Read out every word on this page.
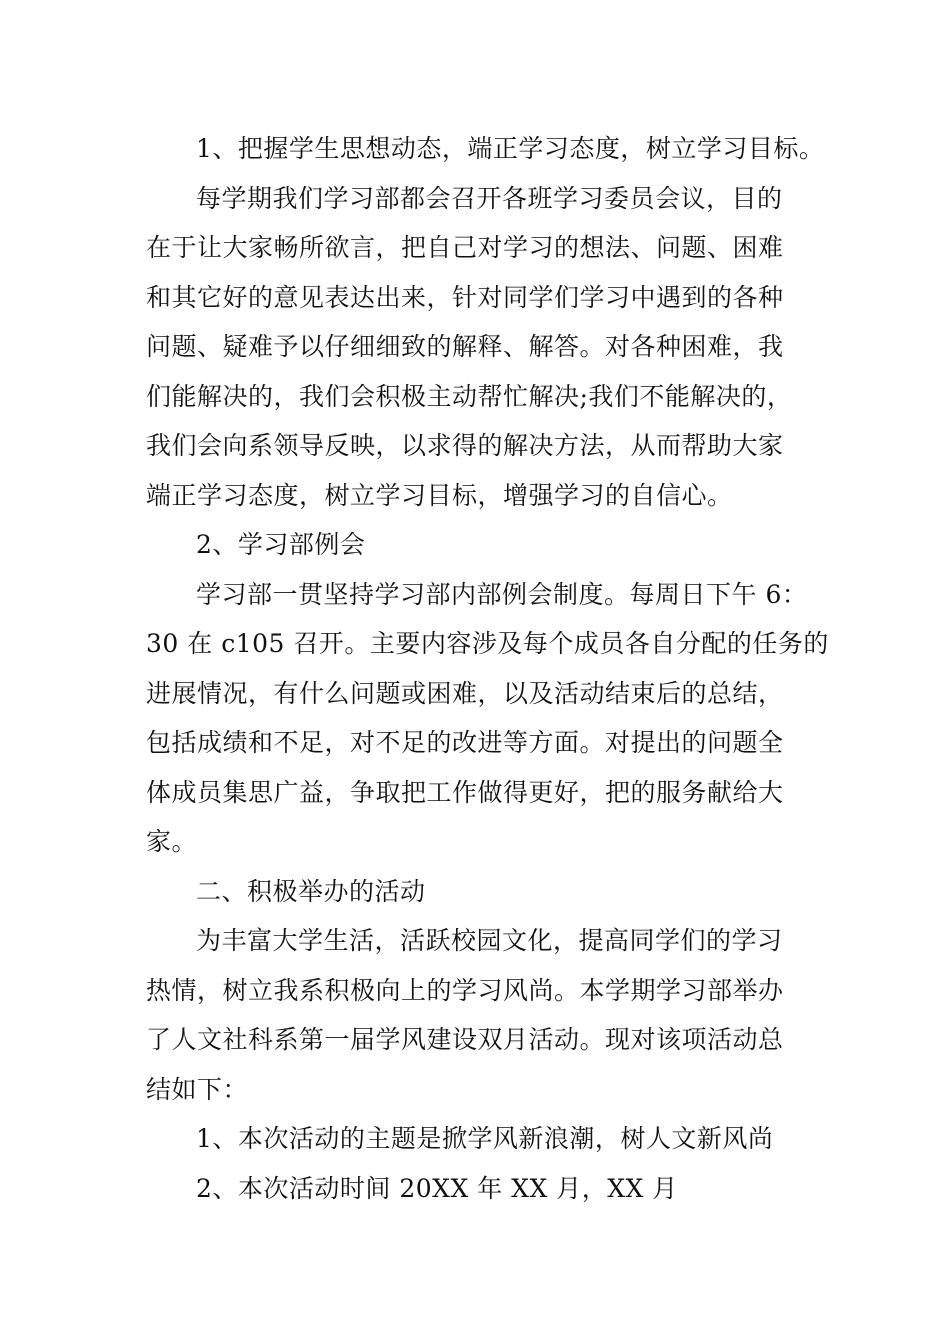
1、把握学生思想动态，端正学习态度，树立学习目标。

每学期我们学习部都会召开各班学习委员会议，目的
在于让大家畅所欲言，把自己对学习的想法、问题、困难
和其它好的意见表达出来，针对同学们学习中遇到的各种
问题、疑难予以仔细细致的解释、解答。对各种困难，我
们能解决的，我们会积极主动帮忙解决;我们不能解决的，
我们会向系领导反映，以求得的解决方法，从而帮助大家
端正学习态度，树立学习目标，增强学习的自信心。

2、学习部例会

学习部一贯坚持学习部内部例会制度。每周日下午 6：
30 在 c105 召开。主要内容涉及每个成员各自分配的任务的
进展情况，有什么问题或困难，以及活动结束后的总结，
包括成绩和不足，对不足的改进等方面。对提出的问题全
体成员集思广益，争取把工作做得更好，把的服务献给大
家。

二、积极举办的活动

为丰富大学生活，活跃校园文化，提高同学们的学习
热情，树立我系积极向上的学习风尚。本学期学习部举办
了人文社科系第一届学风建设双月活动。现对该项活动总
结如下：

1、本次活动的主题是掀学风新浪潮，树人文新风尚

2、本次活动时间 20XX 年 XX 月，XX 月
